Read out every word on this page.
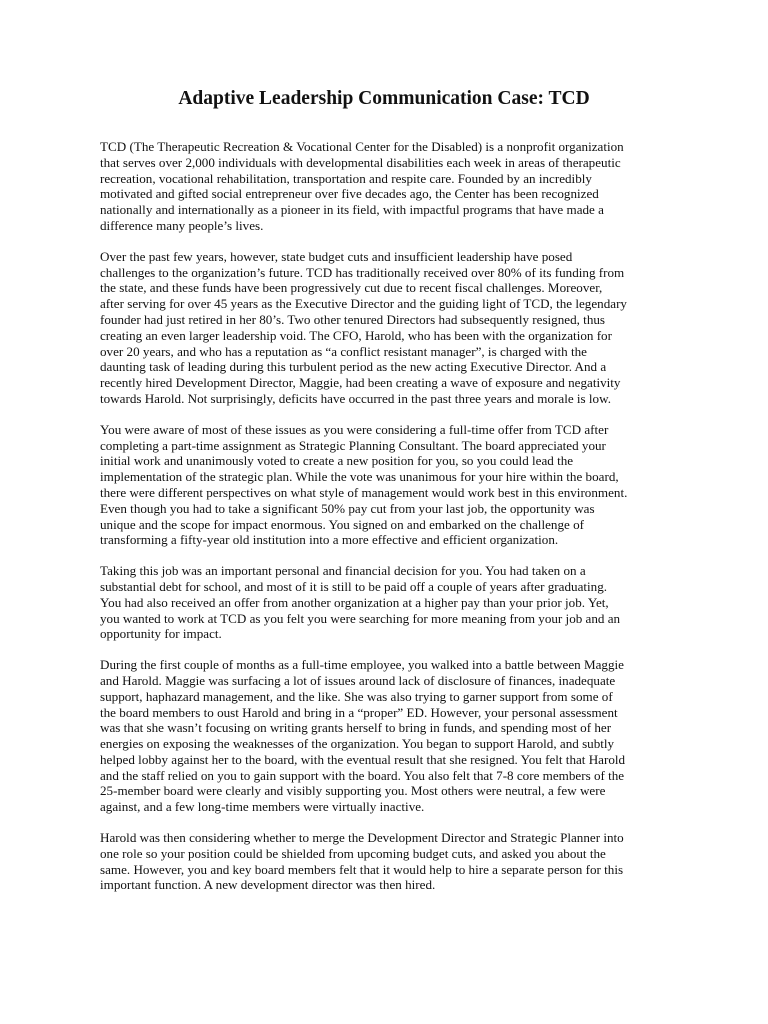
Adaptive Leadership Communication Case: TCD

TCD (The Therapeutic Recreation & Vocational Center for the Disabled) is a nonprofit organization
that serves over 2,000 individuals with developmental disabilities each week in areas of therapeutic
recreation, vocational rehabilitation, transportation and respite care. Founded by an incredibly
motivated and gifted social entrepreneur over five decades ago, the Center has been recognized
nationally and internationally as a pioneer in its field, with impactful programs that have made a
difference many people’s lives.

Over the past few years, however, state budget cuts and insufficient leadership have posed
challenges to the organization’s future. TCD has traditionally received over 80% of its funding from
the state, and these funds have been progressively cut due to recent fiscal challenges. Moreover,
after serving for over 45 years as the Executive Director and the guiding light of TCD, the legendary
founder had just retired in her 80’s. Two other tenured Directors had subsequently resigned, thus
creating an even larger leadership void. The CFO, Harold, who has been with the organization for
over 20 years, and who has a reputation as “a conflict resistant manager”, is charged with the
daunting task of leading during this turbulent period as the new acting Executive Director. And a
recently hired Development Director, Maggie, had been creating a wave of exposure and negativity
towards Harold. Not surprisingly, deficits have occurred in the past three years and morale is low.

You were aware of most of these issues as you were considering a full-time offer from TCD after
completing a part-time assignment as Strategic Planning Consultant. The board appreciated your
initial work and unanimously voted to create a new position for you, so you could lead the
implementation of the strategic plan. While the vote was unanimous for your hire within the board,
there were different perspectives on what style of management would work best in this environment.
Even though you had to take a significant 50% pay cut from your last job, the opportunity was
unique and the scope for impact enormous. You signed on and embarked on the challenge of
transforming a fifty-year old institution into a more effective and efficient organization.

Taking this job was an important personal and financial decision for you. You had taken on a
substantial debt for school, and most of it is still to be paid off a couple of years after graduating.
You had also received an offer from another organization at a higher pay than your prior job. Yet,
you wanted to work at TCD as you felt you were searching for more meaning from your job and an
opportunity for impact.

During the first couple of months as a full-time employee, you walked into a battle between Maggie
and Harold. Maggie was surfacing a lot of issues around lack of disclosure of finances, inadequate
support, haphazard management, and the like. She was also trying to garner support from some of
the board members to oust Harold and bring in a “proper” ED. However, your personal assessment
was that she wasn’t focusing on writing grants herself to bring in funds, and spending most of her
energies on exposing the weaknesses of the organization. You began to support Harold, and subtly
helped lobby against her to the board, with the eventual result that she resigned. You felt that Harold
and the staff relied on you to gain support with the board. You also felt that 7-8 core members of the
25-member board were clearly and visibly supporting you. Most others were neutral, a few were
against, and a few long-time members were virtually inactive.

Harold was then considering whether to merge the Development Director and Strategic Planner into
one role so your position could be shielded from upcoming budget cuts, and asked you about the
same. However, you and key board members felt that it would help to hire a separate person for this
important function. A new development director was then hired.
